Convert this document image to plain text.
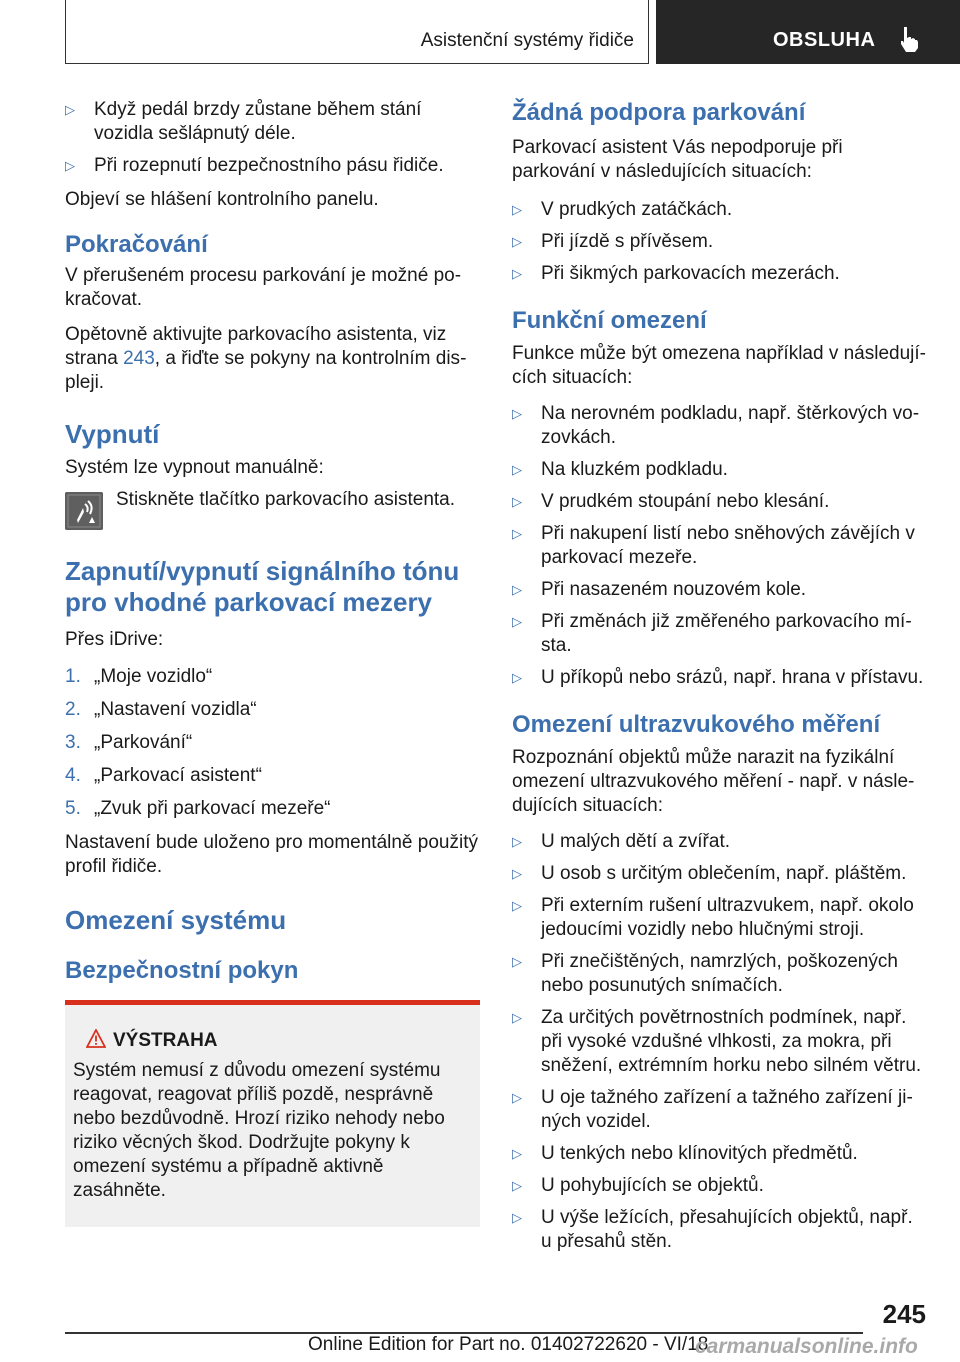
Asistenční systémy řidiče	OBSLUHA
▷ Když pedál brzdy zůstane během stání vozidla sešlápnutý déle.
▷ Při rozepnutí bezpečnostního pásu řidiče.

Objeví se hlášení kontrolního panelu.

Pokračování

V přerušeném procesu parkování je možné pokračovat.

Opětovně aktivujte parkovacího asistenta, viz strana 243, a řiďte se pokyny na kontrolním displeji.

Vypnutí

Systém lze vypnout manuálně:

Stiskněte tlačítko parkovacího asistenta.
Zapnutí/vypnutí signálního tónu pro vhodné parkovací mezery

Přes iDrive:

1. „Moje vozidlo“
2. „Nastavení vozidla“
3. „Parkování“
4. „Parkovací asistent“
5. „Zvuk při parkovací mezeře“

Nastavení bude uloženo pro momentálně použitý profil řidiče.

Omezení systému
Bezpečnostní pokyn
VÝSTRAHA

Systém nemusí z důvodu omezení systému reagovat, reagovat příliš pozdě, nesprávně nebo bezdůvodně. Hrozí riziko nehody nebo riziko věcných škod. Dodržujte pokyny k omezení systému a případně aktivně zasáhněte.

Žádná podpora parkování

Parkovací asistent Vás nepodporuje při parkování v následujících situacích:

▷ V prudkých zatáčkách.
▷ Při jízdě s přívěsem.
▷ Při šikmých parkovacích mezerách.
Funkční omezení

Funkce může být omezena například v následujících situacích:

▷ Na nerovném podkladu, např. štěrkových vozovkách.
▷ Na kluzkém podkladu.
▷ V prudkém stoupání nebo klesání.
▷ Při nakupení listí nebo sněhových závějích v parkovací mezeře.
▷ Při nasazeném nouzovém kole.
▷ Při změnách již změřeného parkovacího místa.
▷ U příkopů nebo srázů, např. hrana v přístavu.
Omezení ultrazvukového měření

Rozpoznání objektů může narazit na fyzikální omezení ultrazvukového měření - např. v následujících situacích:

▷ U malých dětí a zvířat.
▷ U osob s určitým oblečením, např. pláštěm.
▷ Při externím rušení ultrazvukem, např. okolo jedoucími vozidly nebo hlučnými stroji.
▷ Při znečištěných, namrzlých, poškozených nebo posunutých snímačích.
▷ Za určitých povětrnostních podmínek, např. při vysoké vzdušné vlhkosti, za mokra, při sněžení, extrémním horku nebo silném větru.
▷ U oje tažného zařízení a tažného zařízení jiných vozidel.
▷ U tenkých nebo klínovitých předmětů.
▷ U pohybujících se objektů.
▷ U výše ležících, přesahujících objektů, např. u přesahů stěn.
245
Online Edition for Part no. 01402722620 - VI/18
carmanualsonline.info
